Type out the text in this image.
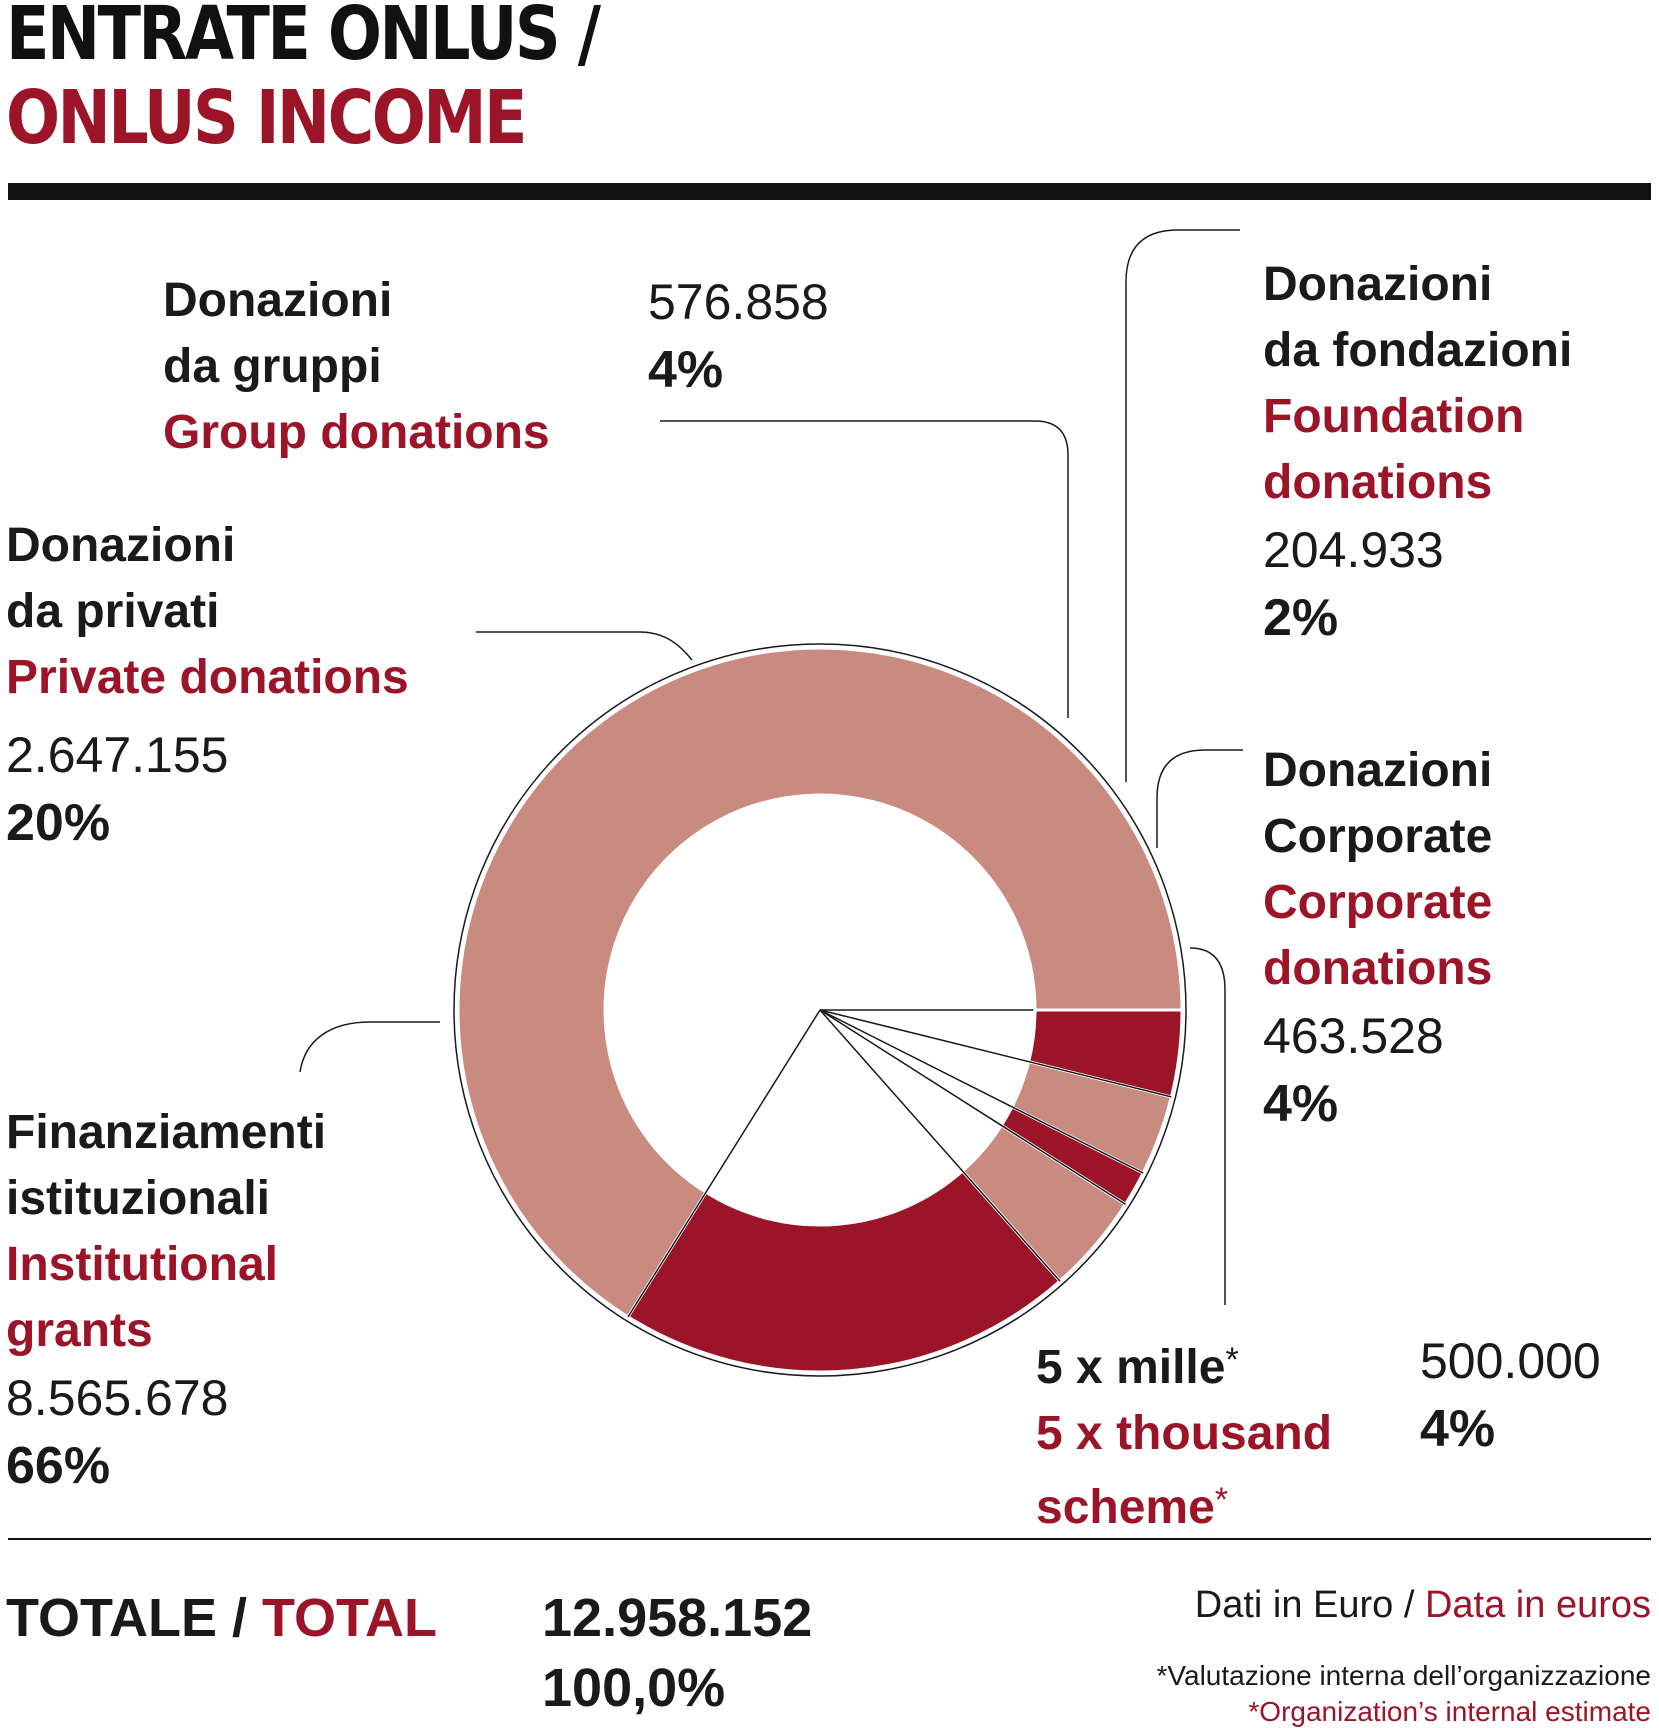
ENTRATE ONLUS /
ONLUS INCOME
Finanziamenti
istituzionali
Institutional
grants
8.565.678
66%
Donazioni
da privati
Private donations
2.647.155
20%
Donazioni
da gruppi
Group donations
576.858
4%
Donazioni
da fondazioni
Foundation
donations
204.933
2%
Donazioni
Corporate
Corporate
donations
463.528
4%
5 x mille*
5 x thousand
scheme*
500.000
4%
TOTALE / TOTAL 12.958.152
100,0%
Dati in Euro / Data in euros
*Valutazione interna dell’organizzazione
*Organization’s internal estimate
